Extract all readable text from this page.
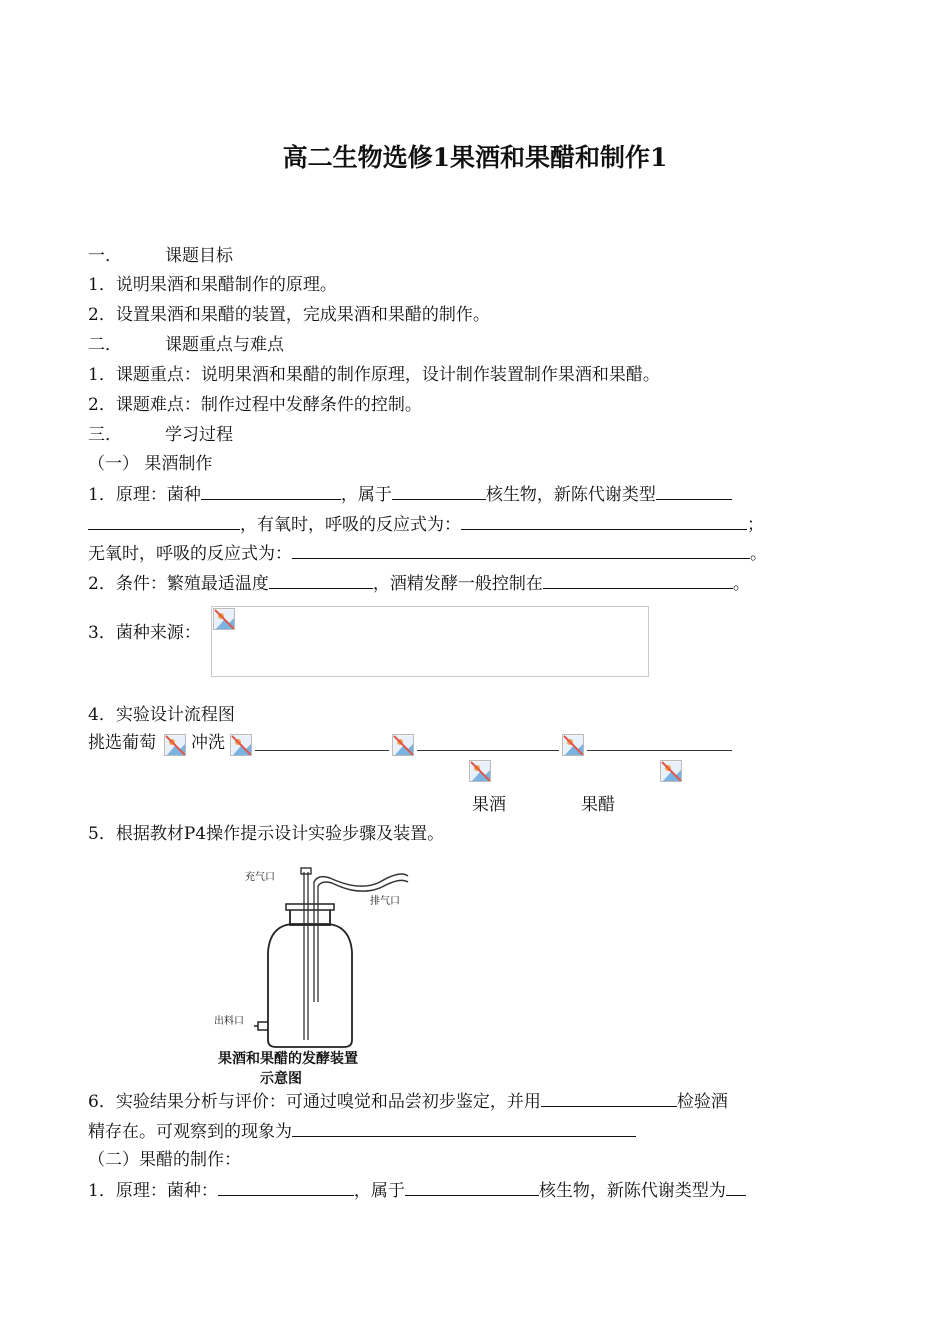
高二生物选修1果酒和果醋和制作1
一．	课题目标
1．说明果酒和果醋制作的原理。
2．设置果酒和果醋的装置，完成果酒和果醋的制作。
二．	课题重点与难点
1．课题重点：说明果酒和果醋的制作原理，设计制作装置制作果酒和果醋。
2．课题难点：制作过程中发酵条件的控制。
三．	学习过程
（一） 果酒制作
1．原理：菌种	，属于	核生物，新陈代谢类型
，有氧时，呼吸的反应式为：	；
无氧时，呼吸的反应式为：	。
2．条件：繁殖最适温度	，酒精发酵一般控制在	。
3．菌种来源：
4．实验设计流程图
挑选葡萄 冲洗
果酒	果醋
5．根据教材P4操作提示设计实验步骤及装置。
充气口
排气口
出料口
果酒和果醋的发酵装置
示意图
6．实验结果分析与评价：可通过嗅觉和品尝初步鉴定，并用	检验酒
精存在。可观察到的现象为
（二）果醋的制作：
1．原理：菌种：	，属于	核生物，新陈代谢类型为
